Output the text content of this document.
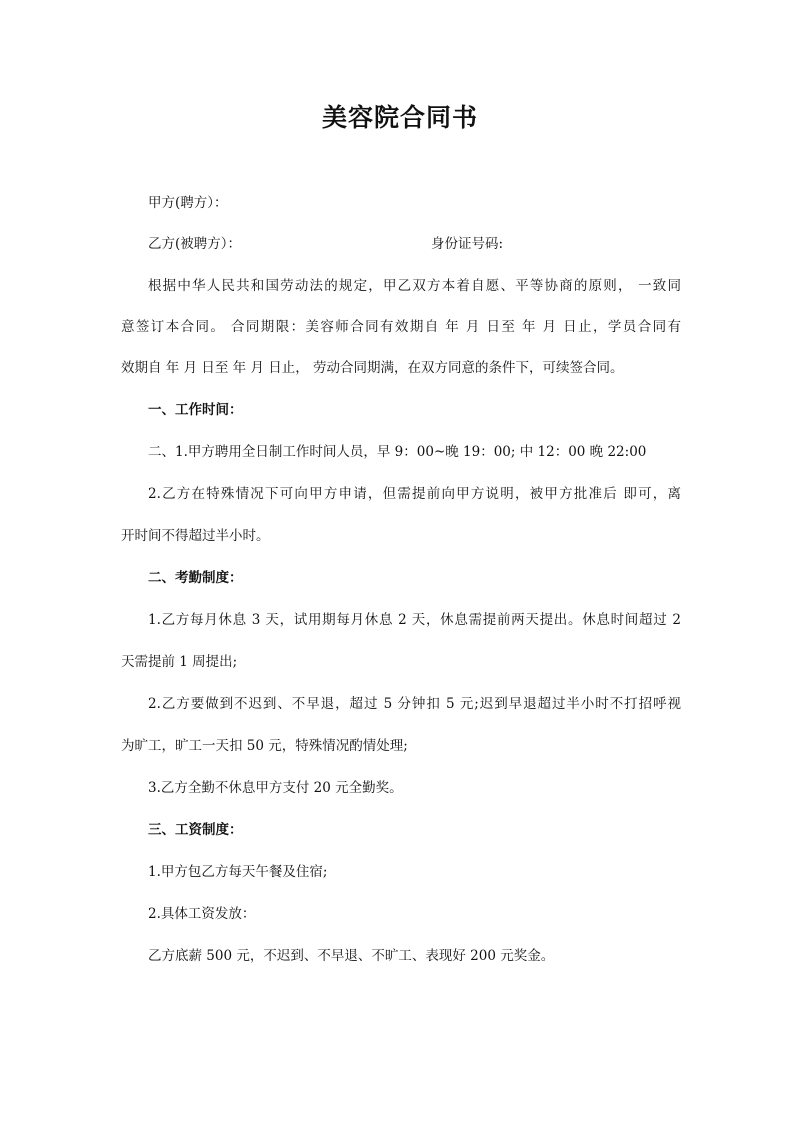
美容院合同书
甲方(聘方）：
乙方(被聘方）：	身份证号码:
根据中华人民共和国劳动法的规定，甲乙双方本着自愿、平等协商的原则， 一致同
意签订本合同。 合同期限：美容师合同有效期自 年 月 日至 年 月 日止，学员合同有
效期自 年 月 日至 年 月 日止， 劳动合同期满，在双方同意的条件下，可续签合同。
一、工作时间：
二、1.甲方聘用全日制工作时间人员，早 9：00~晚 19：00; 中 12：00 晚 22:00
2.乙方在特殊情况下可向甲方申请，但需提前向甲方说明，被甲方批准后 即可，离
开时间不得超过半小时。
二、考勤制度：
1.乙方每月休息 3 天，试用期每月休息 2 天，休息需提前两天提出。休息时间超过 2
天需提前 1 周提出;
2.乙方要做到不迟到、不早退，超过 5 分钟扣 5 元;迟到早退超过半小时不打招呼视
为旷工，旷工一天扣 50 元，特殊情况酌情处理;
3.乙方全勤不休息甲方支付 20 元全勤奖。
三、工资制度：
1.甲方包乙方每天午餐及住宿;
2.具体工资发放：
乙方底薪 500 元，不迟到、不早退、不旷工、表现好 200 元奖金。
